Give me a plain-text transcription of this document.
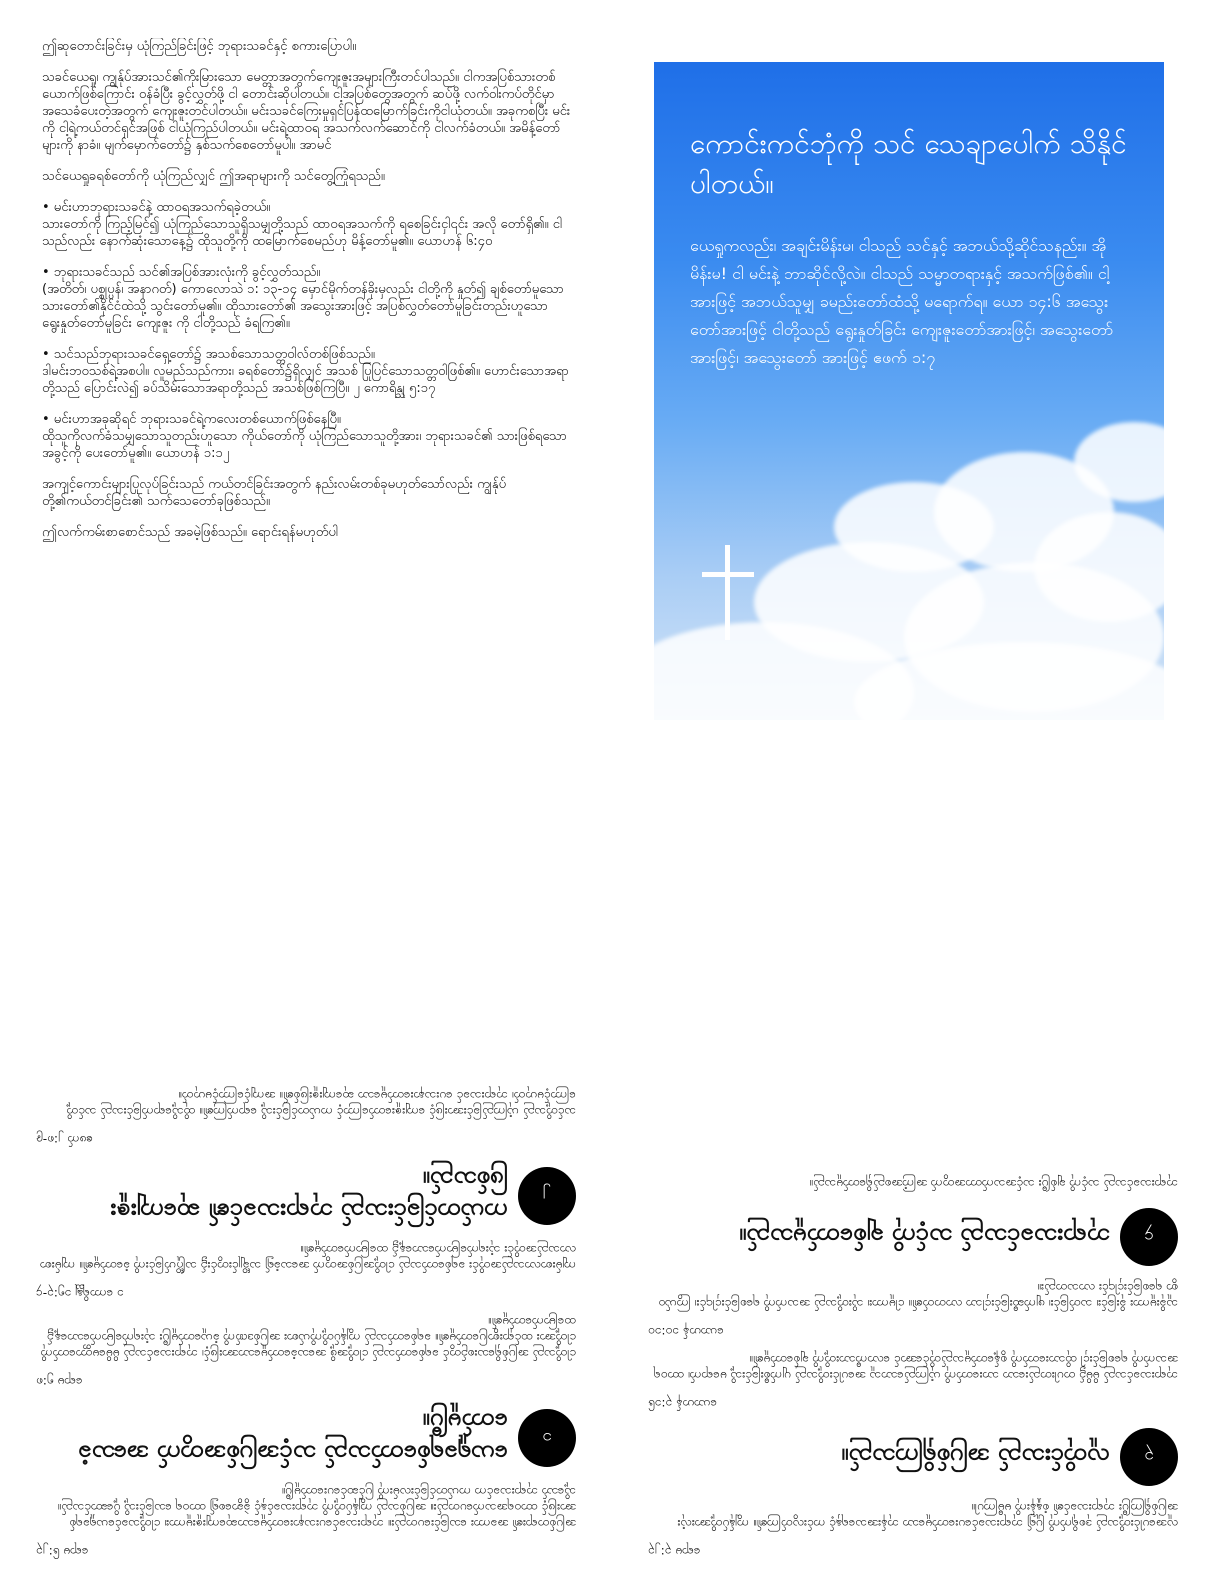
ဤဆုတောင်းခြင်းမှ ယုံကြည်ခြင်းဖြင့် ဘုရားသခင်နှင့် စကားပြောပါ။

သခင်ယေရှု၊ ကျွန်ုပ်အားသင်၏ကိုးမြားသော မေတ္တာအတွက်ကျေးဇူးအများကြီးတင်ပါသည်။ ငါကအပြစ်သားတစ်ယောက်ဖြစ်ကြောင်း ဝန်ခံပြီး ခွင့်လွှတ်ဖို့ ငါ တောင်းဆိုပါတယ်။ ငါ့အပြစ်တွေအတွက် ဆပ်ဖို့ လက်ဝါးကပ်တိုင်မှာ အသေခံပေးတဲ့အတွက် ကျေးဇူးတင်ပါတယ်။ မင်းသခင်ကြေးမှုရှင်ပြန်ထမြောက်ခြင်းကိုငါယုံတယ်။ အခုကစပြီး မင်းကို ငါ့ရဲ့ကယ်တင်ရှင်အဖြစ် ငါယုံကြည်ပါတယ်။ မင်းရဲ့ထာဝရ အသက်လက်ဆောင်ကို ငါလက်ခံတယ်။ အမိန့်တော်များကို နာခံ။ မျက်မှောက်တော်၌ နှစ်သက်စေတော်မူပါ။ အာမင်

သင်ယေရှုခရစ်တော်ကို ယုံကြည်လျှင် ဤအရာများကို သင်တွေ့ကြုံရသည်။

• မင်းဟာဘုရားသခင်နဲ့ ထာဝရအသက်ရခဲ့တယ်။

သားတော်ကို ကြည့်မြင်၍ ယုံကြည်သောသူရှိသမျှတို့သည် ထာဝရအသက်ကို ရစေခြင်းငှါ၎င်း အလို တော်ရှိ၏။ ငါသည်လည်း နောက်ဆုံးသောနေ့၌ ထိုသူတို့ကို ထမြောက်စေမည်ဟု မိန့်တော်မူ၏။ ယောဟန် ၆:၄၀

• ဘုရားသခင်သည် သင်၏အပြစ်အားလုံးကို ခွင့်လွှတ်သည်။

(အတိတ်၊ ပစ္စုပ္ပန်၊ အနာဂတ်) ကောလောသဲ ၁: ၁၃-၁၄ မှောင်မိုက်တန်ခိုးမှလည်း ငါတို့ကို နှုတ်၍ ချစ်တော်မူသော သားတော်၏နိုင်ငံထဲသို့ သွင်းတော်မူ၏။ ထိုသားတော်၏ အသွေးအားဖြင့် အပြစ်လွှတ်တော်မူခြင်းတည်းဟူသော ရွေးနှုတ်တော်မူခြင်း ကျေးဇူး ကို ငါတို့သည် ခံရကြ၏။

• သင်သည်ဘုရားသခင်ရှေ့တော်၌ အသစ်သောသတ္တဝါလ်တစ်ဖြစ်သည်။

ဒါမင်းဘဝသစ်ရဲ့အစပါ။ လူမည်သည်ကား၊ ခရစ်တော်၌ရှိလျှင် အသစ် ပြုပြင်သောသတ္တဝါဖြစ်၏။ ဟောင်းသောအရာ တို့သည် ပြောင်းလဲ၍ ခပ်သိမ်းသောအရာတို့သည် အသစ်ဖြစ်ကြပြီ။ ၂ ကောရိန္သု ၅:၁၇

• မင်းဟာအခုဆိုရင် ဘုရားသခင်ရဲ့ကလေးတစ်ယောက်ဖြစ်နေပြီ။

ထိုသူကိုလက်ခံသမျှသောသူတည်းဟူသော ကိုယ်တော်ကို ယုံကြည်သောသူတို့အား၊ ဘုရားသခင်၏ သားဖြစ်ရသောအခွင့်ကို ပေးတော်မူ၏။ ယောဟန် ၁:၁၂

အကျင့်ကောင်းများပြုလုပ်ခြင်းသည် ကယ်တင်ခြင်းအတွက် နည်းလမ်းတစ်ခုမဟုတ်သော်လည်း ကျွန်ုပ်တို့၏ကယ်တင်ခြင်း၏ သက်သေတော်ခုဖြစ်သည်။

ဤလက်ကမ်းစာစောင်သည် အခမဲ့ဖြစ်သည်။ ရောင်းရန်မဟုတ်ပါ

ကောင်းကင်ဘုံကို သင် သေချာပေါက် သိနိုင်ပါတယ်။
ယေရှုကလည်း၊ အချင်းမိန်းမ၊ ငါသည် သင်နှင့် အဘယ်သို့ဆိုင်သနည်း။ အို မိန်းမ! ငါ မင်းနဲ့ ဘာဆိုင်လို့လဲ။ ငါသည် သမ္မာတရားနှင့် အသက်ဖြစ်၏။ ငါ့အားဖြင့် အဘယ်သူမျှ ခမည်းတော်ထံသို့ မရောက်ရ။ ယော ၁၄:၆ အသွေးတော်အားဖြင့် ငါတို့သည် ရွေးနှုတ်ခြင်း ကျေးဇူးတော်အားဖြင့်၊ အသွေးတော်အားဖြင့်၊ အသွေးတော် အားဖြင့် ဧဖက် ၁:၇

ရောမ ၆:၂၃

အပြစ်တရား၏ အခကား သေခြင်းပေတည်း။ ဘုရားသခင်ပေးသနားတော်မူသောဆုကျေးဇူးမူကား၊ ငါတို့သခင်ယေရှုခရစ်အားဖြင့် ထာဝရအသက်ပေတည်း။ အပြစ်သည် ကျွန်ုပ်တို့ကို ဘုရားသခင်နှင့် ခွဲခွာစေ၍ ထာဝရ သေခြင်းသို့ ပို့ဆောင်သည်။ သို့သော် ဘုရားသခင်က ကယ်တင်ခြင်းလမ်းကို ပြင်ဆင်ပေးတော်မူပြီ။

၁
ယေရှုခရစ်တော်သည် သင့်အပြစ်အတွက် အသေခံတော်မူပြီ။

ရောမ ၅:၈

ငါတို့သည် အပြစ်ရှိသေးစဉ်တွင် ခရစ်တော်သည် ငါတို့အဖို့ အသေခံတော်မူသောအားဖြင့်၊ ဘုရားသခင်သည် မိမိမေတ္တာတော်ကို ငါတို့အား ထင်ရှားစွာပြတော်မူ၏။ ခရစ်တော်သည် ကျွန်ုပ်တို့ကိုယ်စား အပြစ်ဒဏ်ကို ခံယူတော်မူပြီး သုံးရက်မြောက်သောနေ့၌ ထမြောက်တော်မူ၏။

၁ ကောရိန္သု ၁၅:၃-၄

ကျမ်းစာလာသည်အတိုင်း ခရစ်တော်သည် ငါတို့အပြစ်အတွက် အသေခံ၍ သင်္ချိုင်းတွင်း၌ သင်္ဂြိုဟ်ခြင်းကို ခံတော်မူ၏။ ကျမ်းစာလာသည်အတိုင်း သုံးရက်မြောက်သောနေ့၌ ထမြောက်တော်မူ၏။

၂
ကယ်တင်ခြင်းသည် ဘုရားသခင်၏ ဆုကျေးဇူးဖြစ်သည်။

ဧဖက် ၂:၈-၉

သင်တို့သည် ယုံကြည်ခြင်းအားဖြင့် ကျေးဇူးတော်ကြောင့် ကယ်တင်ခြင်းသို့ ရောက်ကြ၏။ ထိုသို့ရောက်ခြင်းသည် သင်တို့ကြောင့်မဟုတ်၊ ဘုရားသခင် ပေးသနားတော်မူသော ဆုကျေးဇူးဖြစ်၏။ အကျင့်ကြောင့်မဟုတ်။

ရောမ ၃:၂၃

လူအပေါင်းတို့သည် ဒုစရိုက်ကို ပြု၍ ဘုရားသခင်ပေးတော်မူသော ဘုန်းအသရေနှင့် ကင်းလွတ်ကြ၏။ ကျွန်ုပ်တို့အားလုံး အပြစ်ရှိကြပြီး ဘုရားသခင်၏ စံနှုန်းကို မမီကြပါ။

၃
လူတိုင်းသည် အပြစ်ရှိကြသည်။

ယောဟန် ၃:၁၆

ဘုရားသခင်သည် မိမိ၌ တပါးတည်းသော သားတော်ကို ယုံကြည်သောသူ အပေါင်းတို့သည် ပျက်စီးခြင်းသို့ မရောက်၊ ထာဝရအသက်ကို ရစေခြင်းငှါ ထိုသားတော်ကို စွန့်တော်မူသည်တိုင်အောင် လောကီသားတို့ကို ချစ်တော်မူ၏။

ယောဟန် ၁၀:၁၀

သူခိုးမူကား ခိုးခြင်း၊ သတ်ခြင်း၊ ဖျက်ဆီးခြင်းငှါသာ လာတတ်၏။ ငါမူကား၊ သိုးတို့သည် အသက်ကို ရစေခြင်းငှါ၎င်း၊ ကြွယ်ဝစွာ ရစေခြင်းငှါ၎င်း လာသတည်း။

၄
ဘုရားသခင်သည် သင့်ကို ချစ်တော်မူသည်။

ဘုရားသခင်သည် သင့်ကို ချစ်ပြီး သင့်အသက်တာအတွက် အကြံအစည်ရှိတော်မူသည်။
